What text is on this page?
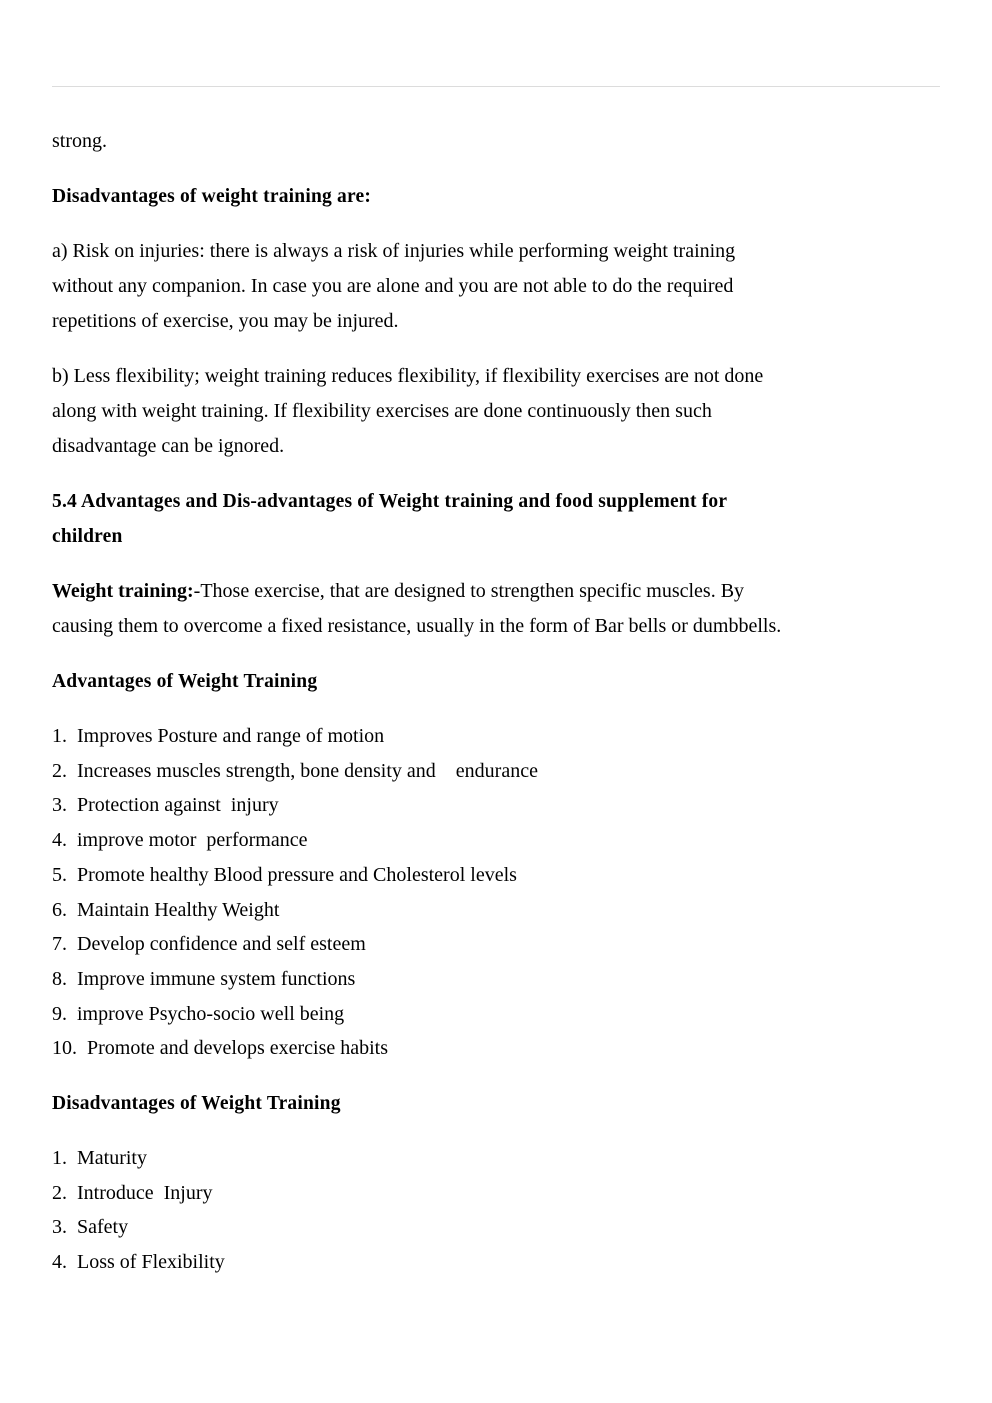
strong.

Disadvantages of weight training are:

a) Risk on injuries: there is always a risk of injuries while performing weight training
without any companion. In case you are alone and you are not able to do the required
repetitions of exercise, you may be injured.

b) Less flexibility; weight training reduces flexibility, if flexibility exercises are not done
along with weight training. If flexibility exercises are done continuously then such
disadvantage can be ignored.

5.4 Advantages and Dis-advantages of Weight training and food supplement for
children

Weight training:-Those exercise, that are designed to strengthen specific muscles. By
causing them to overcome a fixed resistance, usually in the form of Bar bells or dumbbells.

Advantages of Weight Training

1.  Improves Posture and range of motion
2.  Increases muscles strength, bone density and    endurance
3.  Protection against  injury
4.  improve motor  performance
5.  Promote healthy Blood pressure and Cholesterol levels
6.  Maintain Healthy Weight
7.  Develop confidence and self esteem
8.  Improve immune system functions
9.  improve Psycho-socio well being
10.  Promote and develops exercise habits

Disadvantages of Weight Training

1.  Maturity
2.  Introduce  Injury
3.  Safety
4.  Loss of Flexibility
